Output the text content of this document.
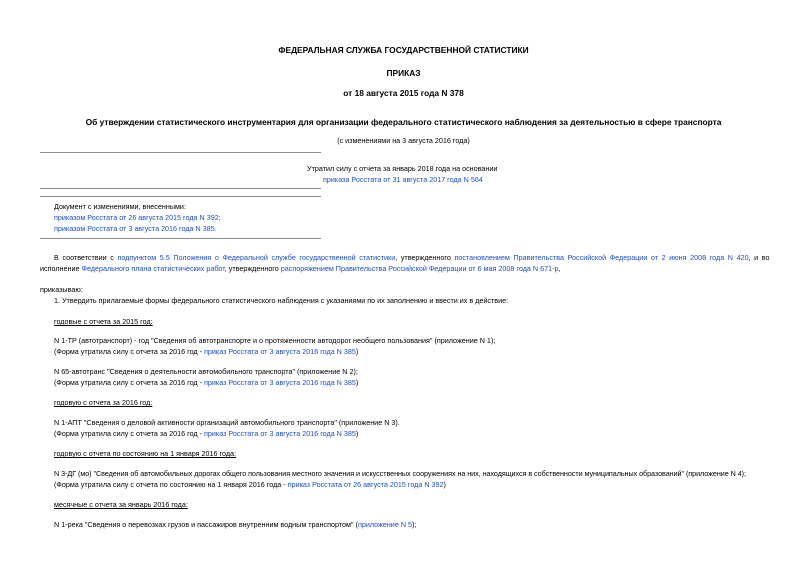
ФЕДЕРАЛЬНАЯ СЛУЖБА ГОСУДАРСТВЕННОЙ СТАТИСТИКИ
ПРИКАЗ
от 18 августа 2015 года N 378
Об утверждении статистического инструментария для организации федерального статистического наблюдения за деятельностью в сфере транспорта
(с изменениями на 3 августа 2016 года)
Утратил силу с отчета за январь 2018 года на основании
приказа Росстата от 31 августа 2017 года N 564
Документ с изменениями, внесенными:
приказом Росстата от 26 августа 2015 года N 392;
приказом Росстата от 3 августа 2016 года N 385.
В соответствии с подпунктом 5.5 Положения о Федеральной службе государственной статистики, утвержденного постановлением Правительства Российской Федерации от 2 июня 2008 года N 420, и во
исполнение Федерального плана статистических работ, утвержденного распоряжением Правительства Российской Федерации от 6 мая 2008 года N 671-р,
приказываю:
1. Утвердить прилагаемые формы федерального статистического наблюдения с указаниями по их заполнению и ввести их в действие:
годовые с отчета за 2015 год:
N 1-ТР (автотранспорт) - год "Сведения об автотранспорте и о протяженности автодорог необщего пользования" (приложение N 1);
(Форма утратила силу с отчета за 2016 год - приказ Росстата от 3 августа 2016 года N 385)
N 65-автотранс "Сведения о деятельности автомобильного транспорта" (приложение N 2);
(Форма утратила силу с отчета за 2016 год - приказ Росстата от 3 августа 2016 года N 385)
годовую с отчета за 2016 год:
N 1-АПТ "Сведения о деловой активности организаций автомобильного транспорта" (приложение N 3).
(Форма утратила силу с отчета за 2016 год - приказ Росстата от 3 августа 2016 года N 385)
годовую с отчета по состоянию на 1 января 2016 года:
N 3-ДГ (мо) "Сведения об автомобильных дорогах общего пользования местного значения и искусственных сооружениях на них, находящихся в собственности муниципальных образований" (приложение N 4);
(Форма утратила силу с отчета по состоянию на 1 января 2016 года - приказ Росстата от 26 августа 2015 года N 392)
месячные с отчета за январь 2016 года:
N 1-река "Сведения о перевозках грузов и пассажиров внутренним водным транспортом" (приложение N 5);
